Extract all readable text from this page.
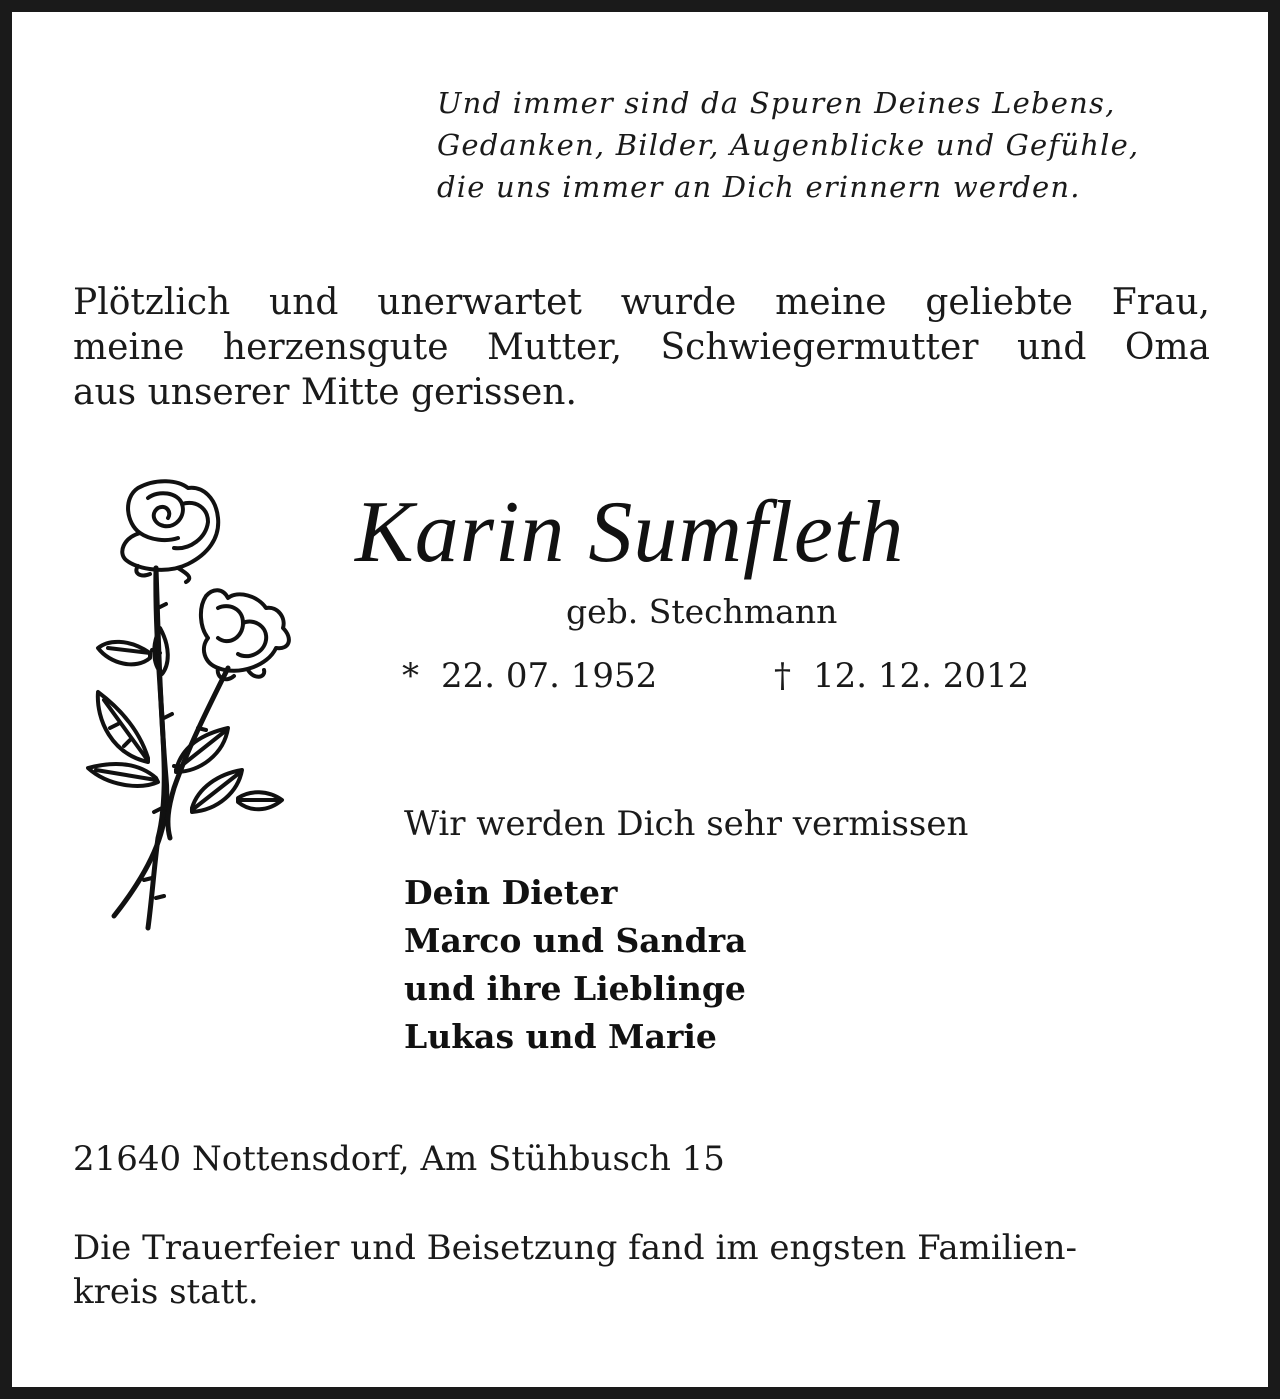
Und immer sind da Spuren Deines Lebens,
Gedanken, Bilder, Augenblicke und Gefühle,
die uns immer an Dich erinnern werden.
Plötzlich und unerwartet wurde meine geliebte Frau,
meine herzensgute Mutter, Schwiegermutter und Oma
aus unserer Mitte gerissen.
Karin Sumfleth
geb. Stechmann
* 22. 07. 1952	† 12. 12. 2012
Wir werden Dich sehr vermissen
Dein Dieter
Marco und Sandra
und ihre Lieblinge
Lukas und Marie
21640 Nottensdorf, Am Stühbusch 15
Die Trauerfeier und Beisetzung fand im engsten Familien-
kreis statt.
